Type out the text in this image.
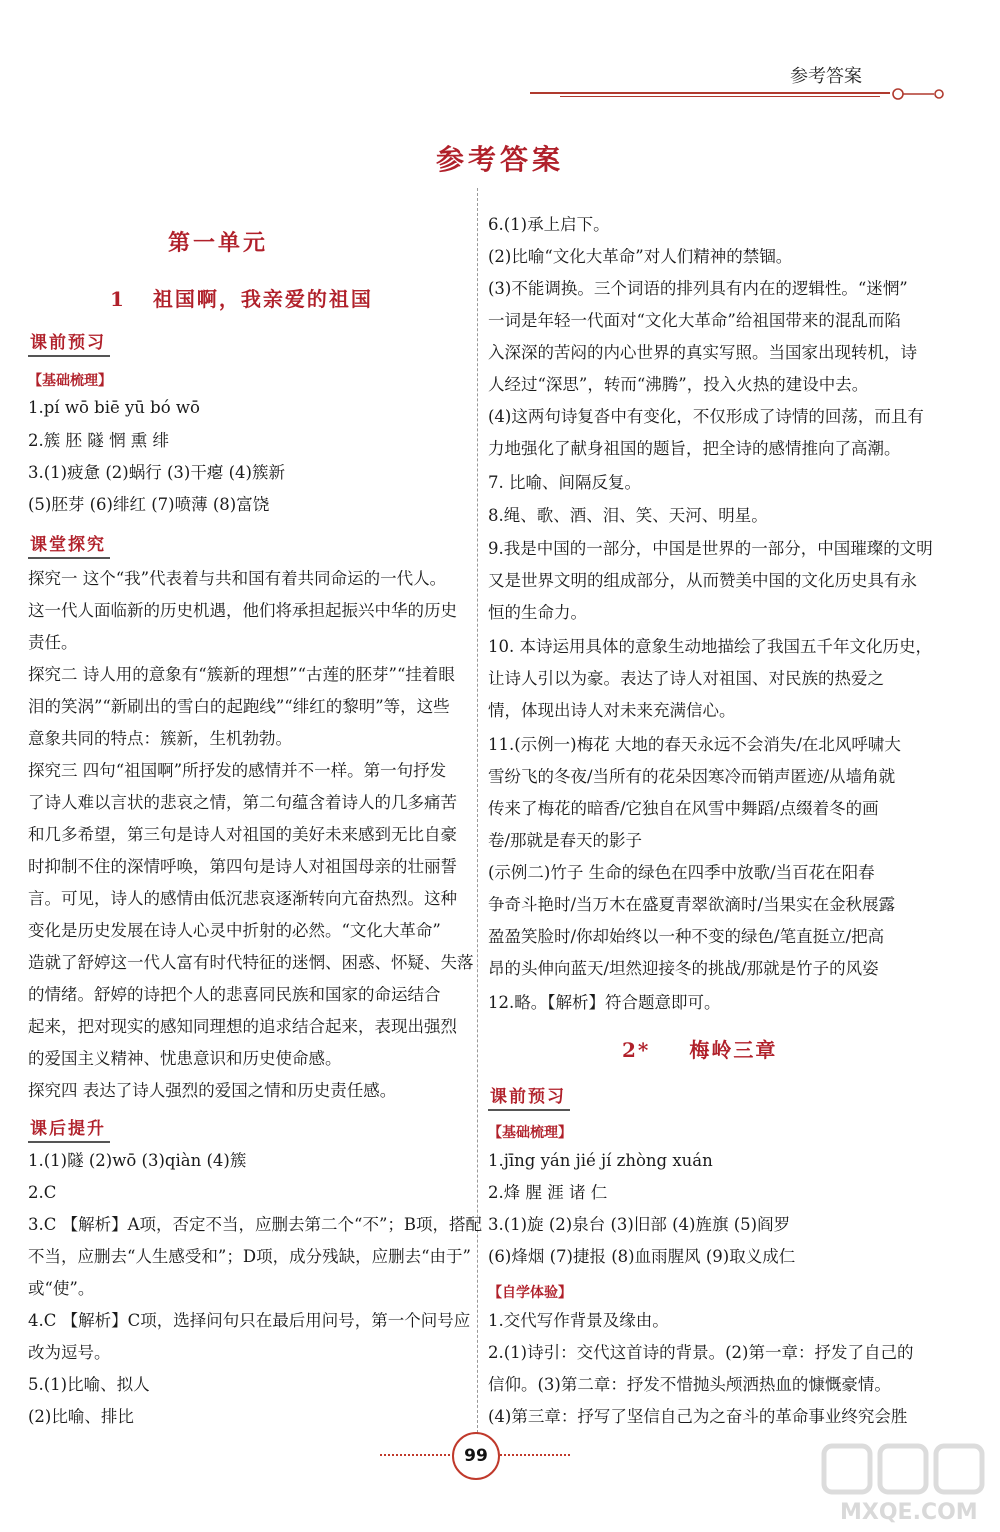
参考答案
参考答案
第一单元
1 祖国啊，我亲爱的祖国
课前预习
【基础梳理】
1.pí wō biē yū bó wō
2.簇 胚 隧 惘 熏 绯
3.(1)疲惫 (2)蜗行 (3)干瘪 (4)簇新
(5)胚芽 (6)绯红 (7)喷薄 (8)富饶
课堂探究
探究一 这个“我”代表着与共和国有着共同命运的一代人。
这一代人面临新的历史机遇，他们将承担起振兴中华的历史
责任。
探究二 诗人用的意象有“簇新的理想”“古莲的胚芽”“挂着眼
泪的笑涡”“新刷出的雪白的起跑线”“绯红的黎明”等，这些
意象共同的特点：簇新，生机勃勃。
探究三 四句“祖国啊”所抒发的感情并不一样。第一句抒发
了诗人难以言状的悲哀之情，第二句蕴含着诗人的几多痛苦
和几多希望，第三句是诗人对祖国的美好未来感到无比自豪
时抑制不住的深情呼唤，第四句是诗人对祖国母亲的壮丽誓
言。可见，诗人的感情由低沉悲哀逐渐转向亢奋热烈。这种
变化是历史发展在诗人心灵中折射的必然。“文化大革命”
造就了舒婷这一代人富有时代特征的迷惘、困惑、怀疑、失落
的情绪。舒婷的诗把个人的悲喜同民族和国家的命运结合
起来，把对现实的感知同理想的追求结合起来，表现出强烈
的爱国主义精神、忧患意识和历史使命感。
探究四 表达了诗人强烈的爱国之情和历史责任感。
课后提升
1.(1)隧 (2)wō (3)qiàn (4)簇
2.C
3.C 【解析】A项，否定不当，应删去第二个“不”；B项，搭配
不当，应删去“人生感受和”；D项，成分残缺，应删去“由于”
或“使”。
4.C 【解析】C项，选择问句只在最后用问号，第一个问号应
改为逗号。
5.(1)比喻、拟人
(2)比喻、排比
6.(1)承上启下。
(2)比喻“文化大革命”对人们精神的禁锢。
(3)不能调换。三个词语的排列具有内在的逻辑性。“迷惘”
一词是年轻一代面对“文化大革命”给祖国带来的混乱而陷
入深深的苦闷的内心世界的真实写照。当国家出现转机，诗
人经过“深思”，转而“沸腾”，投入火热的建设中去。
(4)这两句诗复沓中有变化，不仅形成了诗情的回荡，而且有
力地强化了献身祖国的题旨，把全诗的感情推向了高潮。
7. 比喻、间隔反复。
8.绳、歌、酒、泪、笑、天河、明星。
9.我是中国的一部分，中国是世界的一部分，中国璀璨的文明
又是世界文明的组成部分，从而赞美中国的文化历史具有永
恒的生命力。
10. 本诗运用具体的意象生动地描绘了我国五千年文化历史，
让诗人引以为豪。表达了诗人对祖国、对民族的热爱之
情，体现出诗人对未来充满信心。
11.(示例一)梅花 大地的春天永远不会消失/在北风呼啸大
雪纷飞的冬夜/当所有的花朵因寒冷而销声匿迹/从墙角就
传来了梅花的暗香/它独自在风雪中舞蹈/点缀着冬的画
卷/那就是春天的影子
(示例二)竹子 生命的绿色在四季中放歌/当百花在阳春
争奇斗艳时/当万木在盛夏青翠欲滴时/当果实在金秋展露
盈盈笑脸时/你却始终以一种不变的绿色/笔直挺立/把高
昂的头伸向蓝天/坦然迎接冬的挑战/那就是竹子的风姿
12.略。【解析】符合题意即可。
2* 梅岭三章
课前预习
【基础梳理】
1.jīng yán jié jí zhòng xuán
2.烽 腥 涯 诸 仁
3.(1)旋 (2)泉台 (3)旧部 (4)旌旗 (5)阎罗
(6)烽烟 (7)捷报 (8)血雨腥风 (9)取义成仁
【自学体验】
1.交代写作背景及缘由。
2.(1)诗引：交代这首诗的背景。(2)第一章：抒发了自己的
信仰。(3)第二章：抒发不惜抛头颅洒热血的慷慨豪情。
(4)第三章：抒写了坚信自己为之奋斗的革命事业终究会胜
99
MXQE.COM
